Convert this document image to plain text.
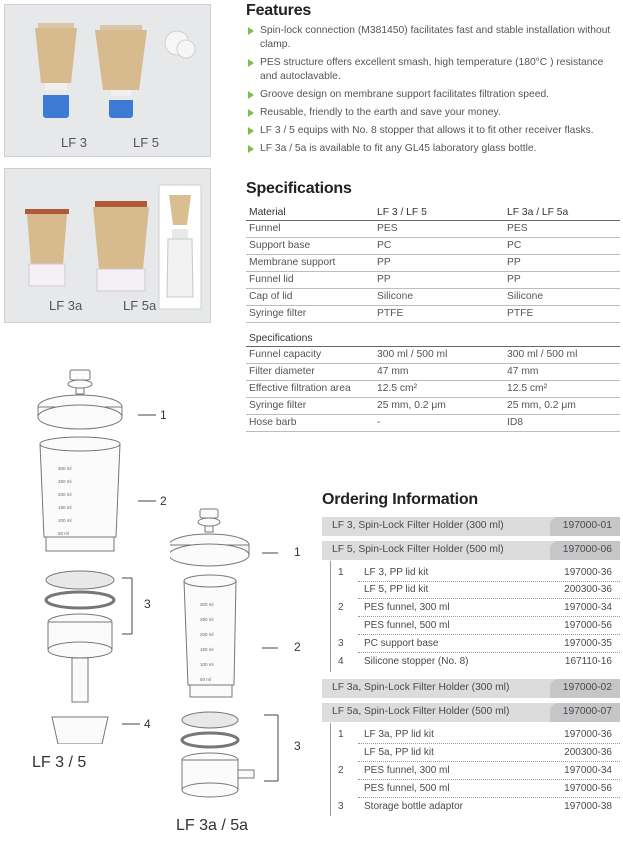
LF 3	LF 5
LF 3a	LF 5a
Features
Spin-lock connection (M381450) facilitates fast and stable installation without clamp.
PES structure offers excellent smash, high temperature (180°C ) resistance and autoclavable.
Groove design on membrane support facilitates filtration speed.
Reusable, friendly to the earth and save your money.
LF 3 / 5 equips with No. 8 stopper that allows it to fit other receiver flasks.
LF 3a / 5a is available to fit any GL45 laboratory glass bottle.
Specifications
Material	LF 3 / LF 5	LF 3a / LF 5a
Funnel	PES	PES
Support base	PC	PC
Membrane support	PP	PP
Funnel lid	PP	PP
Cap of lid	Silicone	Silicone
Syringe filter	PTFE	PTFE
Specifications		
Funnel capacity	300 ml / 500 ml	300 ml / 500 ml
Filter diameter	47 mm	47 mm
Effective filtration area	12.5 cm²	12.5 cm²
Syringe filter	25 mm, 0.2 μm	25 mm, 0.2 μm
Hose barb	-	ID8
Ordering Information
LF 3, Spin-Lock Filter Holder (300 ml)	197000-01
LF 5, Spin-Lock Filter Holder (500 ml)	197000-06
1 LF 3, PP lid kit	197000-36
LF 5, PP lid kit	200300-36
2 PES funnel, 300 ml	197000-34
PES funnel, 500 ml	197000-56
3 PC support base	197000-35
4 Silicone stopper (No. 8)	167110-16
LF 3a, Spin-Lock Filter Holder (300 ml)	197000-02
LF 5a, Spin-Lock Filter Holder (500 ml)	197000-07
1 LF 3a, PP lid kit	197000-36
LF 5a, PP lid kit	200300-36
2 PES funnel, 300 ml	197000-34
PES funnel, 500 ml	197000-56
3 Storage bottle adaptor	197000-38
300 ml
250 ml
200 ml
150 ml
100 ml
50 ml
1
2
3
4
LF 3 / 5
300 ml
250 ml
200 ml
150 ml
100 ml
50 ml
1
2
3
LF 3a / 5a
